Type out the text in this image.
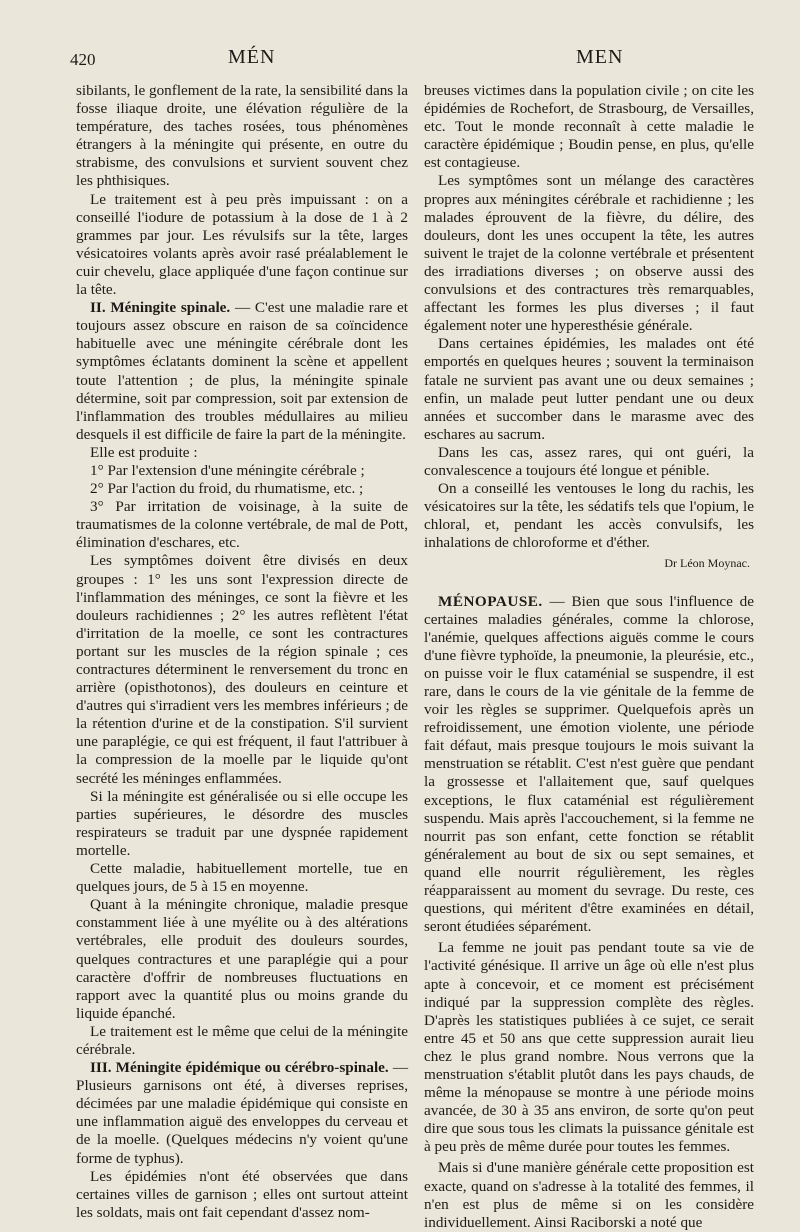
420	MÉN	MEN

sibilants, le gonflement de la rate, la sensibilité dans la fosse iliaque droite, une élévation régulière de la température, des taches rosées, tous phénomènes étrangers à la méningite qui présente, en outre du strabisme, des convulsions et survient souvent chez les phthisiques.

Le traitement est à peu près impuissant : on a conseillé l'iodure de potassium à la dose de 1 à 2 grammes par jour. Les révulsifs sur la tête, larges vésicatoires volants après avoir rasé préalablement le cuir chevelu, glace appliquée d'une façon continue sur la tête.

II. Méningite spinale. — C'est une maladie rare et toujours assez obscure en raison de sa coïncidence habituelle avec une méningite cérébrale dont les symptômes éclatants dominent la scène et appellent toute l'attention ; de plus, la méningite spinale détermine, soit par compression, soit par extension de l'inflammation des troubles médullaires au milieu desquels il est difficile de faire la part de la méningite.

Elle est produite :

1° Par l'extension d'une méningite cérébrale ;

2° Par l'action du froid, du rhumatisme, etc. ;

3° Par irritation de voisinage, à la suite de traumatismes de la colonne vertébrale, de mal de Pott, élimination d'eschares, etc.

Les symptômes doivent être divisés en deux groupes : 1° les uns sont l'expression directe de l'inflammation des méninges, ce sont la fièvre et les douleurs rachidiennes ; 2° les autres reflètent l'état d'irritation de la moelle, ce sont les contractures portant sur les muscles de la région spinale ; ces contractures déterminent le renversement du tronc en arrière (opisthotonos), des douleurs en ceinture et d'autres qui s'irradient vers les membres inférieurs ; de la rétention d'urine et de la constipation. S'il survient une paraplégie, ce qui est fréquent, il faut l'attribuer à la compression de la moelle par le liquide qu'ont secrété les méninges enflammées.

Si la méningite est généralisée ou si elle occupe les parties supérieures, le désordre des muscles respirateurs se traduit par une dyspnée rapidement mortelle.

Cette maladie, habituellement mortelle, tue en quelques jours, de 5 à 15 en moyenne.

Quant à la méningite chronique, maladie presque constamment liée à une myélite ou à des altérations vertébrales, elle produit des douleurs sourdes, quelques contractures et une paraplégie qui a pour caractère d'offrir de nombreuses fluctuations en rapport avec la quantité plus ou moins grande du liquide épanché.

Le traitement est le même que celui de la méningite cérébrale.

III. Méningite épidémique ou cérébro-spinale. — Plusieurs garnisons ont été, à diverses reprises, décimées par une maladie épidémique qui consiste en une inflammation aiguë des enveloppes du cerveau et de la moelle. (Quelques médecins n'y voient qu'une forme de typhus).

Les épidémies n'ont été observées que dans certaines villes de garnison ; elles ont surtout atteint les soldats, mais ont fait cependant d'assez nom-

breuses victimes dans la population civile ; on cite les épidémies de Rochefort, de Strasbourg, de Versailles, etc. Tout le monde reconnaît à cette maladie le caractère épidémique ; Boudin pense, en plus, qu'elle est contagieuse.

Les symptômes sont un mélange des caractères propres aux méningites cérébrale et rachidienne ; les malades éprouvent de la fièvre, du délire, des douleurs, dont les unes occupent la tête, les autres suivent le trajet de la colonne vertébrale et présentent des irradiations diverses ; on observe aussi des convulsions et des contractures très remarquables, affectant les formes les plus diverses ; il faut également noter une hyperesthésie générale.

Dans certaines épidémies, les malades ont été emportés en quelques heures ; souvent la terminaison fatale ne survient pas avant une ou deux semaines ; enfin, un malade peut lutter pendant une ou deux années et succomber dans le marasme avec des eschares au sacrum.

Dans les cas, assez rares, qui ont guéri, la convalescence a toujours été longue et pénible.

On a conseillé les ventouses le long du rachis, les vésicatoires sur la tête, les sédatifs tels que l'opium, le chloral, et, pendant les accès convulsifs, les inhalations de chloroforme et d'éther.

Dr Léon Moynac.

MÉNOPAUSE. — Bien que sous l'influence de certaines maladies générales, comme la chlorose, l'anémie, quelques affections aiguës comme le cours d'une fièvre typhoïde, la pneumonie, la pleurésie, etc., on puisse voir le flux cataménial se suspendre, il est rare, dans le cours de la vie génitale de la femme de voir les règles se supprimer. Quelquefois après un refroidissement, une émotion violente, une période fait défaut, mais presque toujours le mois suivant la menstruation se rétablit. C'est n'est guère que pendant la grossesse et l'allaitement que, sauf quelques exceptions, le flux cataménial est régulièrement suspendu. Mais après l'accouchement, si la femme ne nourrit pas son enfant, cette fonction se rétablit généralement au bout de six ou sept semaines, et quand elle nourrit régulièrement, les règles réapparaissent au moment du sevrage. Du reste, ces questions, qui méritent d'être examinées en détail, seront étudiées séparément.

La femme ne jouit pas pendant toute sa vie de l'activité génésique. Il arrive un âge où elle n'est plus apte à concevoir, et ce moment est précisément indiqué par la suppression complète des règles. D'après les statistiques publiées à ce sujet, ce serait entre 45 et 50 ans que cette suppression aurait lieu chez le plus grand nombre. Nous verrons que la menstruation s'établit plutôt dans les pays chauds, de même la ménopause se montre à une période moins avancée, de 30 à 35 ans environ, de sorte qu'on peut dire que sous tous les climats la puissance génitale est à peu près de même durée pour toutes les femmes.

Mais si d'une manière générale cette proposition est exacte, quand on s'adresse à la totalité des femmes, il n'en est plus de même si on les considère individuellement. Ainsi Raciborski a noté que
